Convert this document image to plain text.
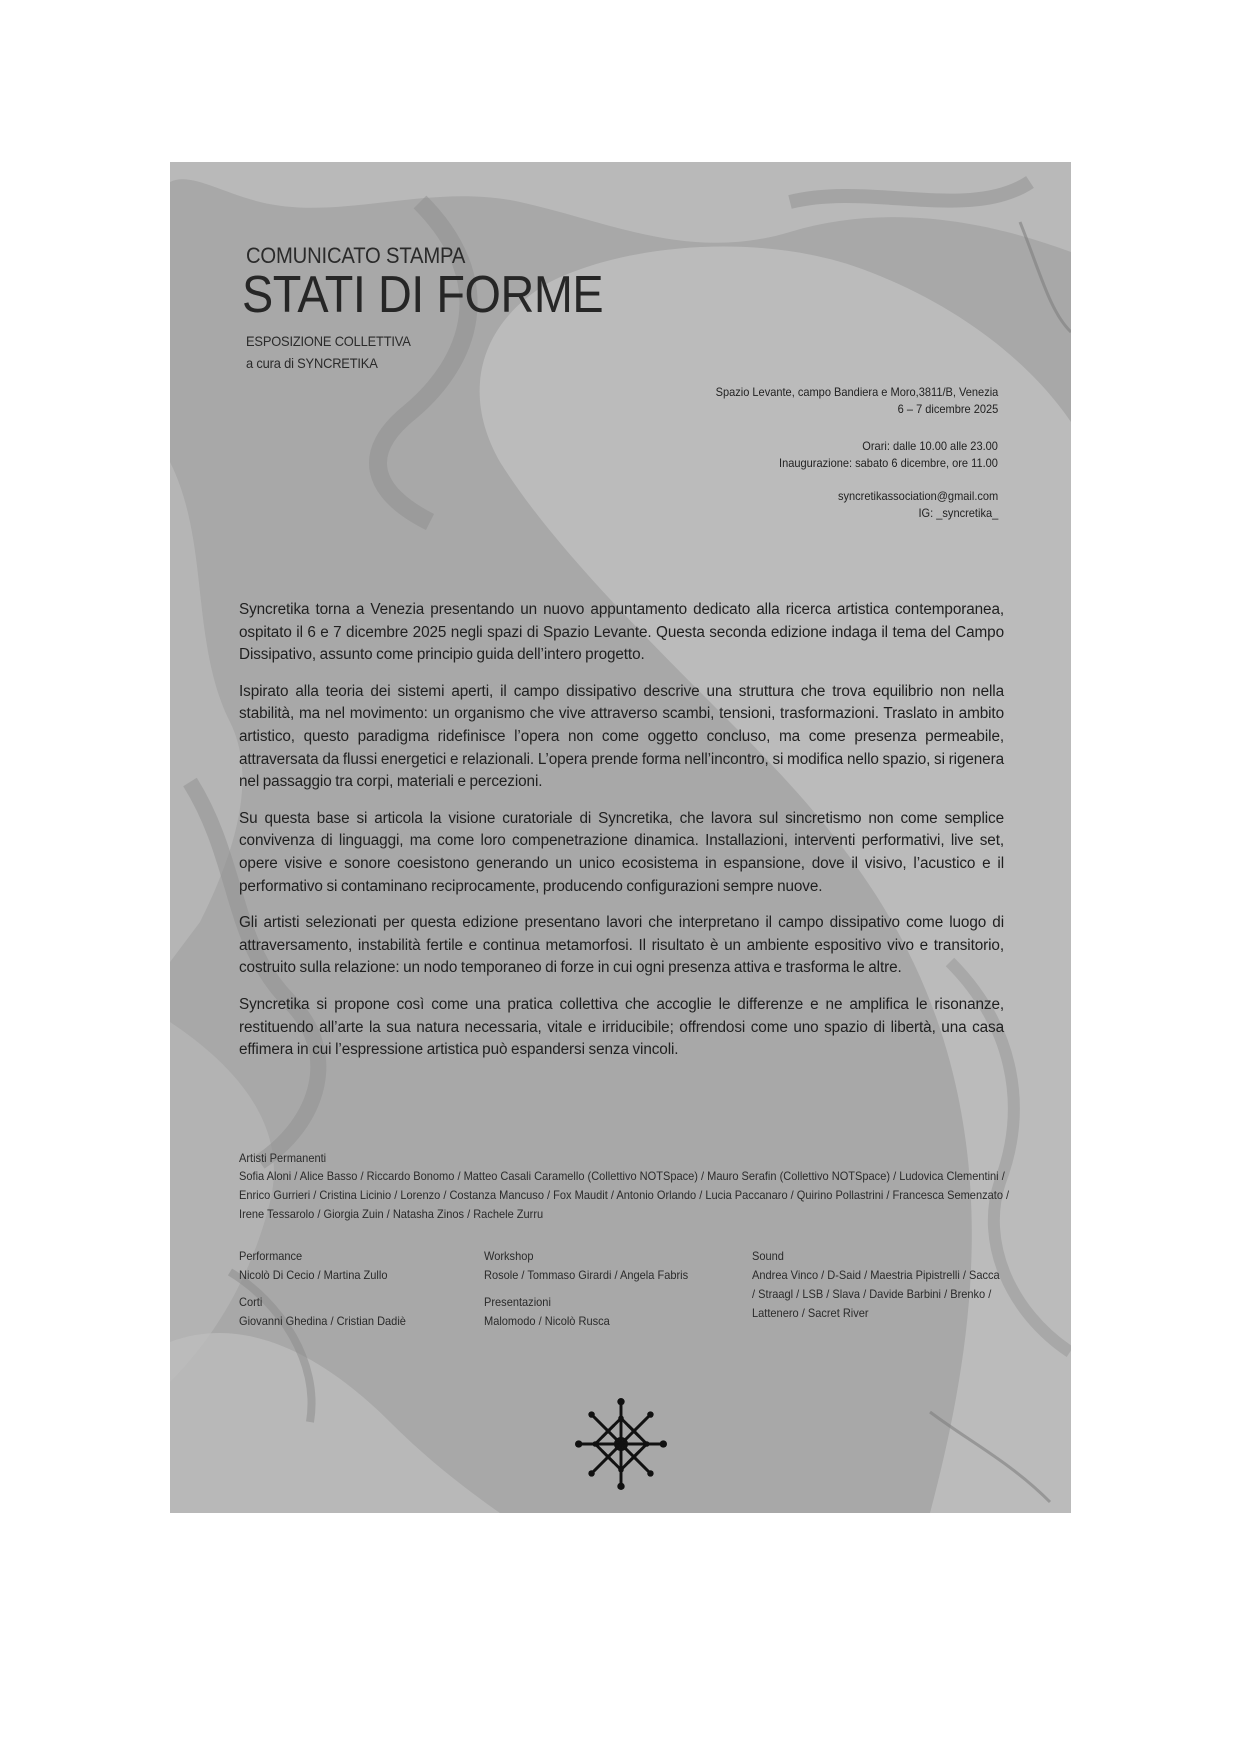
COMUNICATO STAMPA
STATI DI FORME
ESPOSIZIONE COLLETTIVA
a cura di SYNCRETIKA
Spazio Levante, campo Bandiera e Moro,3811/B, Venezia
6 – 7 dicembre 2025
Orari: dalle 10.00 alle 23.00
Inaugurazione: sabato 6 dicembre, ore 11.00
syncretikassociation@gmail.com
IG: _syncretika_

Syncretika torna a Venezia presentando un nuovo appuntamento dedicato alla ricerca artistica contemporanea, ospitato il 6 e 7 dicembre 2025 negli spazi di Spazio Levante. Questa seconda edizione indaga il tema del Campo Dissipativo, assunto come principio guida dell’intero progetto.

Ispirato alla teoria dei sistemi aperti, il campo dissipativo descrive una struttura che trova equilibrio non nella stabilità, ma nel movimento: un organismo che vive attraverso scambi, tensioni, trasformazioni. Traslato in ambito artistico, questo paradigma ridefinisce l’opera non come oggetto concluso, ma come presenza permeabile, attraversata da flussi energetici e relazionali. L’opera prende forma nell’incontro, si modifica nello spazio, si rigenera nel passaggio tra corpi, materiali e percezioni.

Su questa base si articola la visione curatoriale di Syncretika, che lavora sul sincretismo non come semplice convivenza di linguaggi, ma come loro compenetrazione dinamica. Installazioni, interventi performativi, live set, opere visive e sonore coesistono generando un unico ecosistema in espansione, dove il visivo, l’acustico e il performativo si contaminano reciprocamente, producendo configurazioni sempre nuove.

Gli artisti selezionati per questa edizione presentano lavori che interpretano il campo dissipativo come luogo di attraversamento, instabilità fertile e continua metamorfosi. Il risultato è un ambiente espositivo vivo e transitorio, costruito sulla relazione: un nodo temporaneo di forze in cui ogni presenza attiva e trasforma le altre.

Syncretika si propone così come una pratica collettiva che accoglie le differenze e ne amplifica le risonanze, restituendo all’arte la sua natura necessaria, vitale e irriducibile; offrendosi come uno spazio di libertà, una casa effimera in cui l’espressione artistica può espandersi senza vincoli.

Artisti Permanenti
Sofia Aloni / Alice Basso / Riccardo Bonomo / Matteo Casali Caramello (Collettivo NOTSpace) / Mauro Serafin (Collettivo NOTSpace) / Ludovica Clementini / Enrico Gurrieri / Cristina Licinio / Lorenzo / Costanza Mancuso / Fox Maudit / Antonio Orlando / Lucia Paccanaro / Quirino Pollastrini / Francesca Semenzato / Irene Tessarolo / Giorgia Zuin / Natasha Zinos / Rachele Zurru
Performance
Nicolò Di Cecio / Martina Zullo
Corti
Giovanni Ghedina / Cristian Dadiè
Workshop
Rosole / Tommaso Girardi / Angela Fabris
Presentazioni
Malomodo / Nicolò Rusca
Sound
Andrea Vinco / D-Said / Maestria Pipistrelli / Sacca / Straagl / LSB / Slava / Davide Barbini / Brenko / Lattenero / Sacret River
